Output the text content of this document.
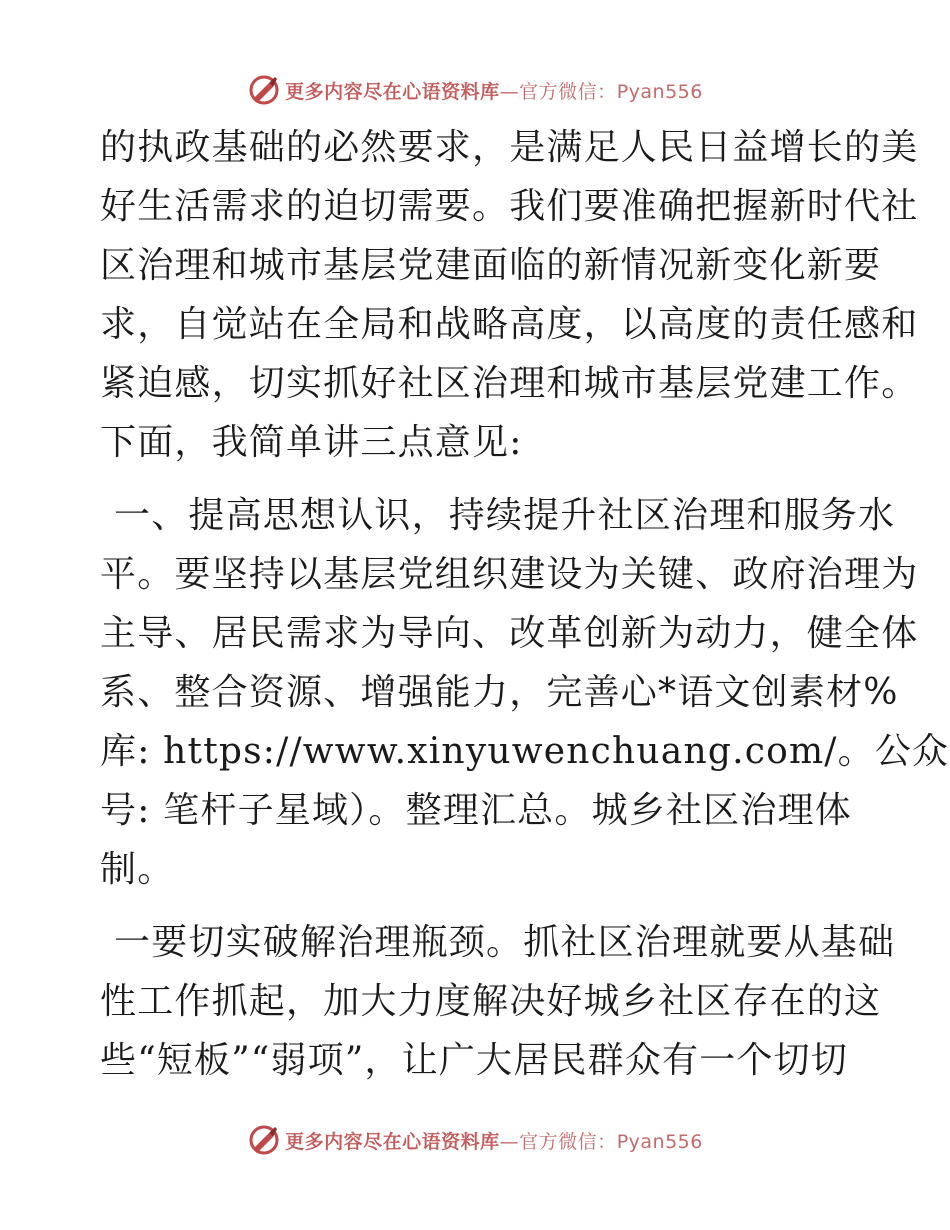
更多内容尽在心语资料库—官方微信：Pyan556
的执政基础的必然要求，是满足人民日益增长的美
好生活需求的迫切需要。我们要准确把握新时代社
区治理和城市基层党建面临的新情况新变化新要
求，自觉站在全局和战略高度，以高度的责任感和
紧迫感，切实抓好社区治理和城市基层党建工作。
下面，我简单讲三点意见:
一、提高思想认识，持续提升社区治理和服务水
平。要坚持以基层党组织建设为关键、政府治理为
主导、居民需求为导向、改革创新为动力，健全体
系、整合资源、增强能力，完善心*语文创素材%
库: https://www.xinyuwenchuang.com/。公众
号: 笔杆子星域）。整理汇总。城乡社区治理体
制。
一要切实破解治理瓶颈。抓社区治理就要从基础
性工作抓起，加大力度解决好城乡社区存在的这
些“短板”“弱项”，让广大居民群众有一个切切
更多内容尽在心语资料库—官方微信：Pyan556
